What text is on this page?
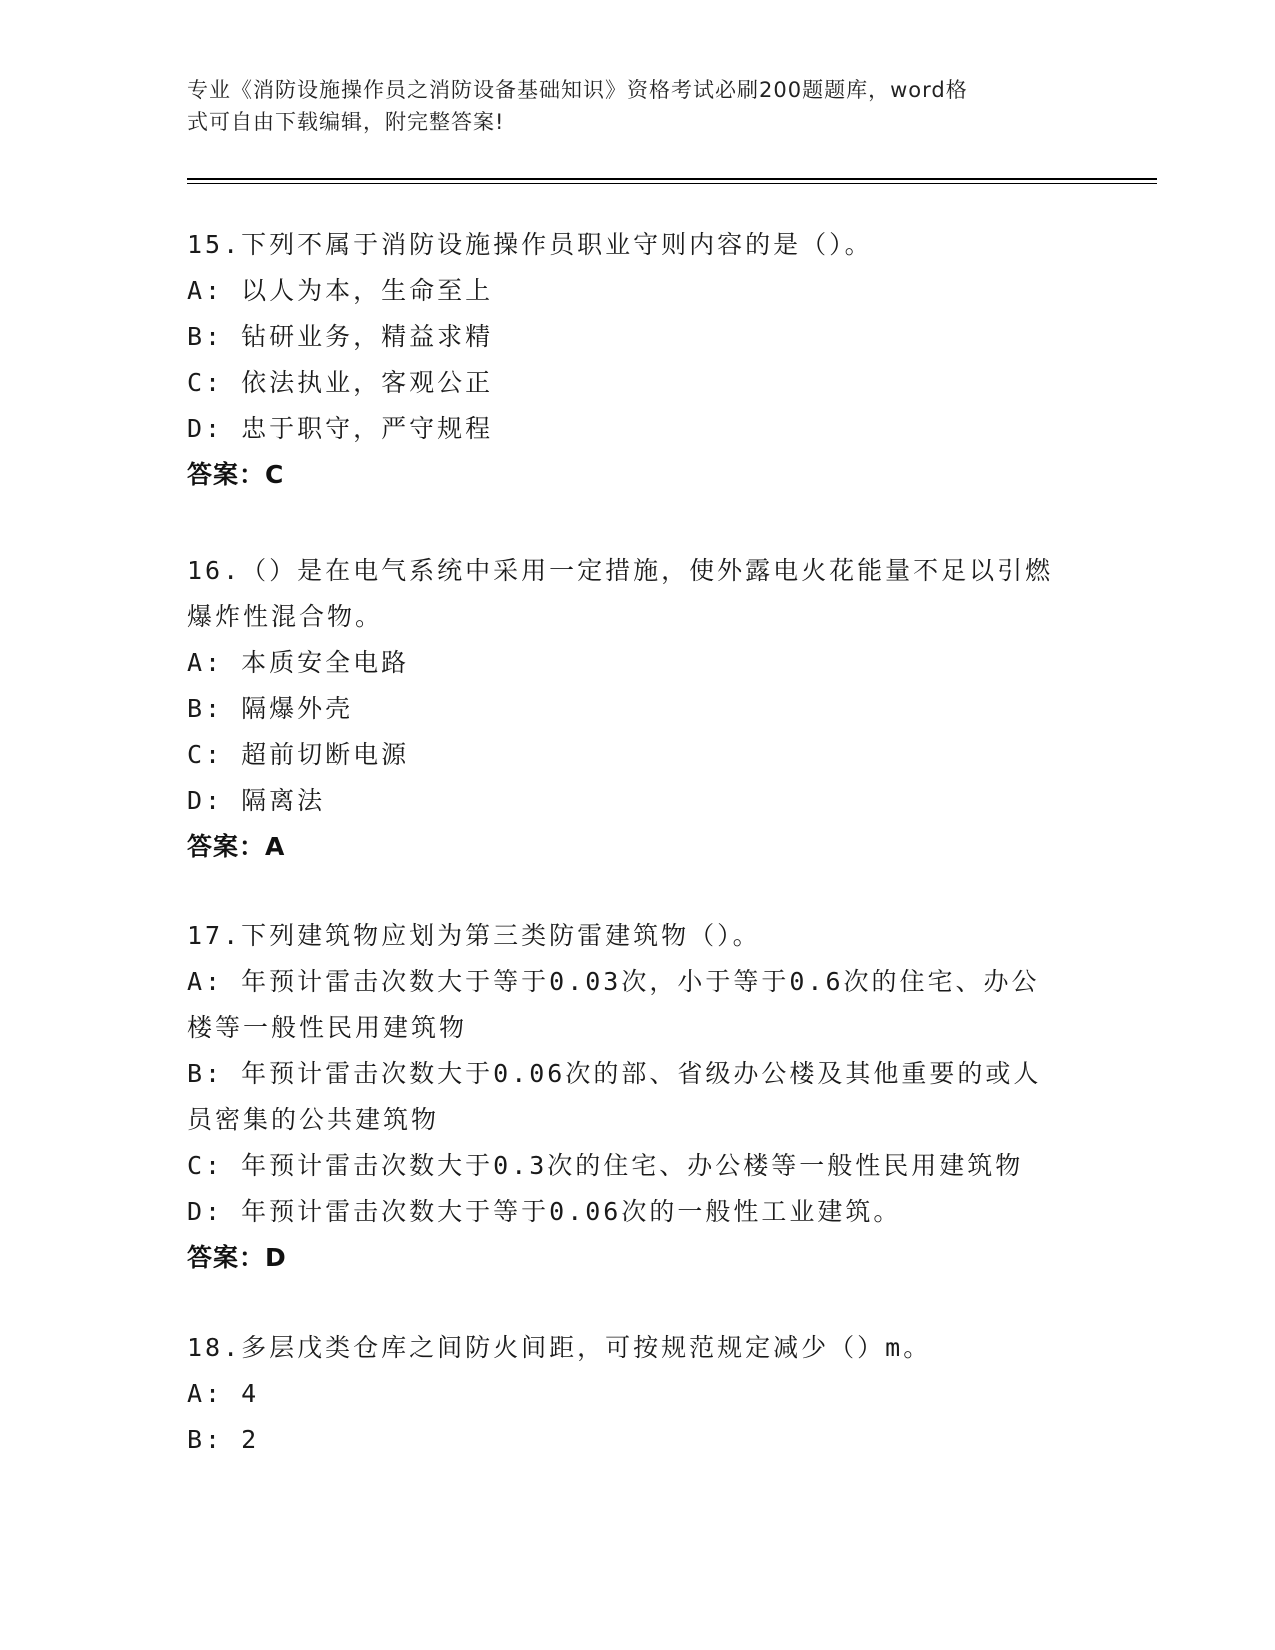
专业《消防设施操作员之消防设备基础知识》资格考试必刷200题题库，word格
式可自由下载编辑，附完整答案!
15.下列不属于消防设施操作员职业守则内容的是（）。
A: 以人为本，生命至上
B: 钻研业务，精益求精
C: 依法执业，客观公正
D: 忠于职守，严守规程
答案：C
16.（）是在电气系统中采用一定措施，使外露电火花能量不足以引燃
爆炸性混合物。
A: 本质安全电路
B: 隔爆外壳
C: 超前切断电源
D: 隔离法
答案：A
17.下列建筑物应划为第三类防雷建筑物（）。
A: 年预计雷击次数大于等于0.03次，小于等于0.6次的住宅、办公
楼等一般性民用建筑物
B: 年预计雷击次数大于0.06次的部、省级办公楼及其他重要的或人
员密集的公共建筑物
C: 年预计雷击次数大于0.3次的住宅、办公楼等一般性民用建筑物
D: 年预计雷击次数大于等于0.06次的一般性工业建筑。
答案：D
18.多层戊类仓库之间防火间距，可按规范规定减少（）m。
A: 4
B: 2
